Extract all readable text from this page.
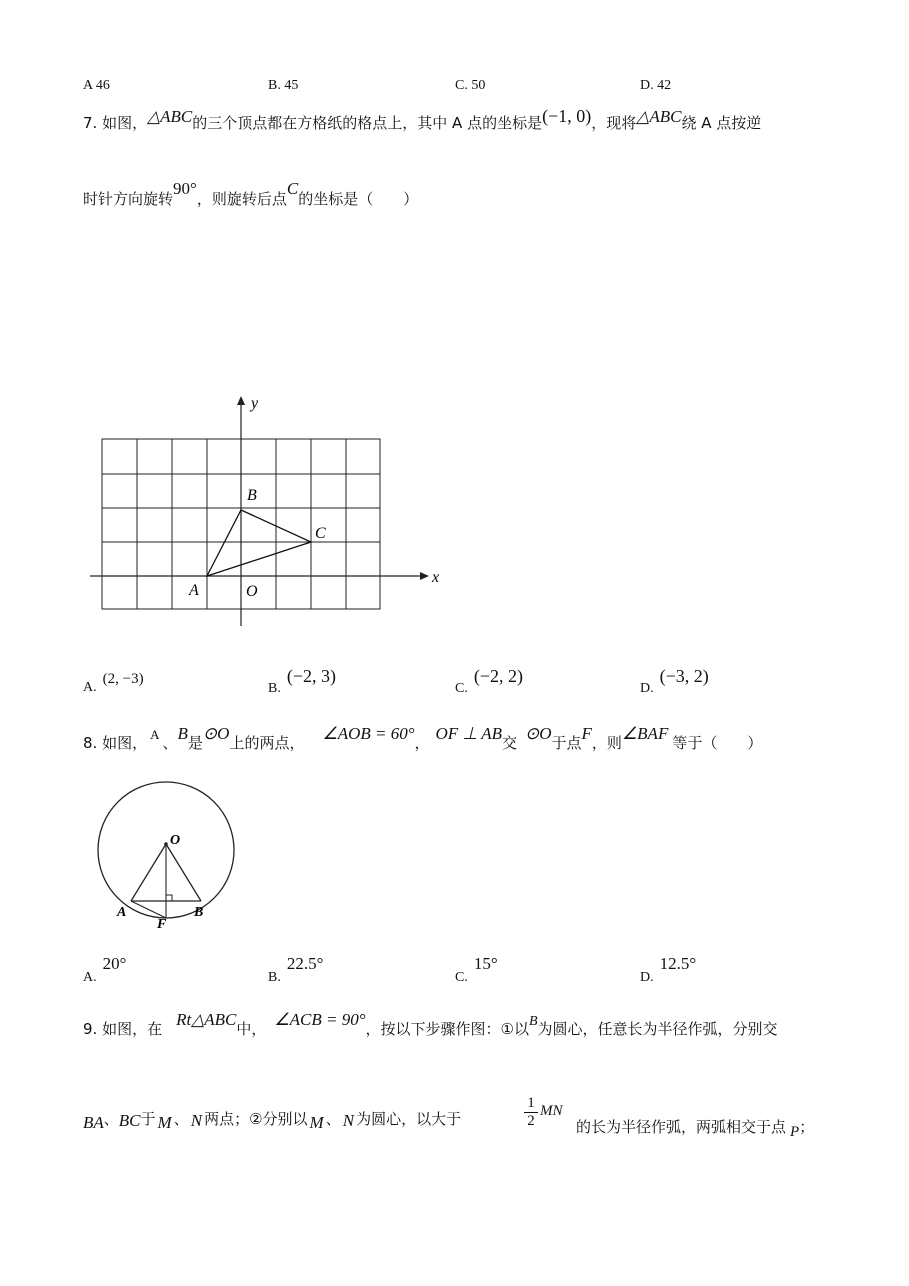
A 46	B. 45	C. 50	D. 42
7. 如图，△ABC的三个顶点都在方格纸的格点上，其中 A 点的坐标是(−1, 0)，现将△ABC绕 A 点按逆
时针方向旋转90°，则旋转后点C的坐标是（　　）
y
x
B
C
A	O
A.(2, −3)
B.(−2, 3)
C.(−2, 2)
D.(−3, 2)
8. 如图， $^A$ 、B是⊙O上的两点， ∠AOB = 60°， OF ⊥ AB交 ⊙O于点F，则∠BAF 等于（　　）
O
A
F
B
A.20°
B.22.5°
C.15°
D.12.5°
9. 如图，在 Rt△ABC中， ∠ACB = 90°，按以下步骤作图：①以B为圆心，任意长为半径作弧，分别交
BA、BC于 M 、 N 两点；②分别以 M 、 N 为圆心，以大于
1
2
MN
的长为半径作弧，两弧相交于点 P；
